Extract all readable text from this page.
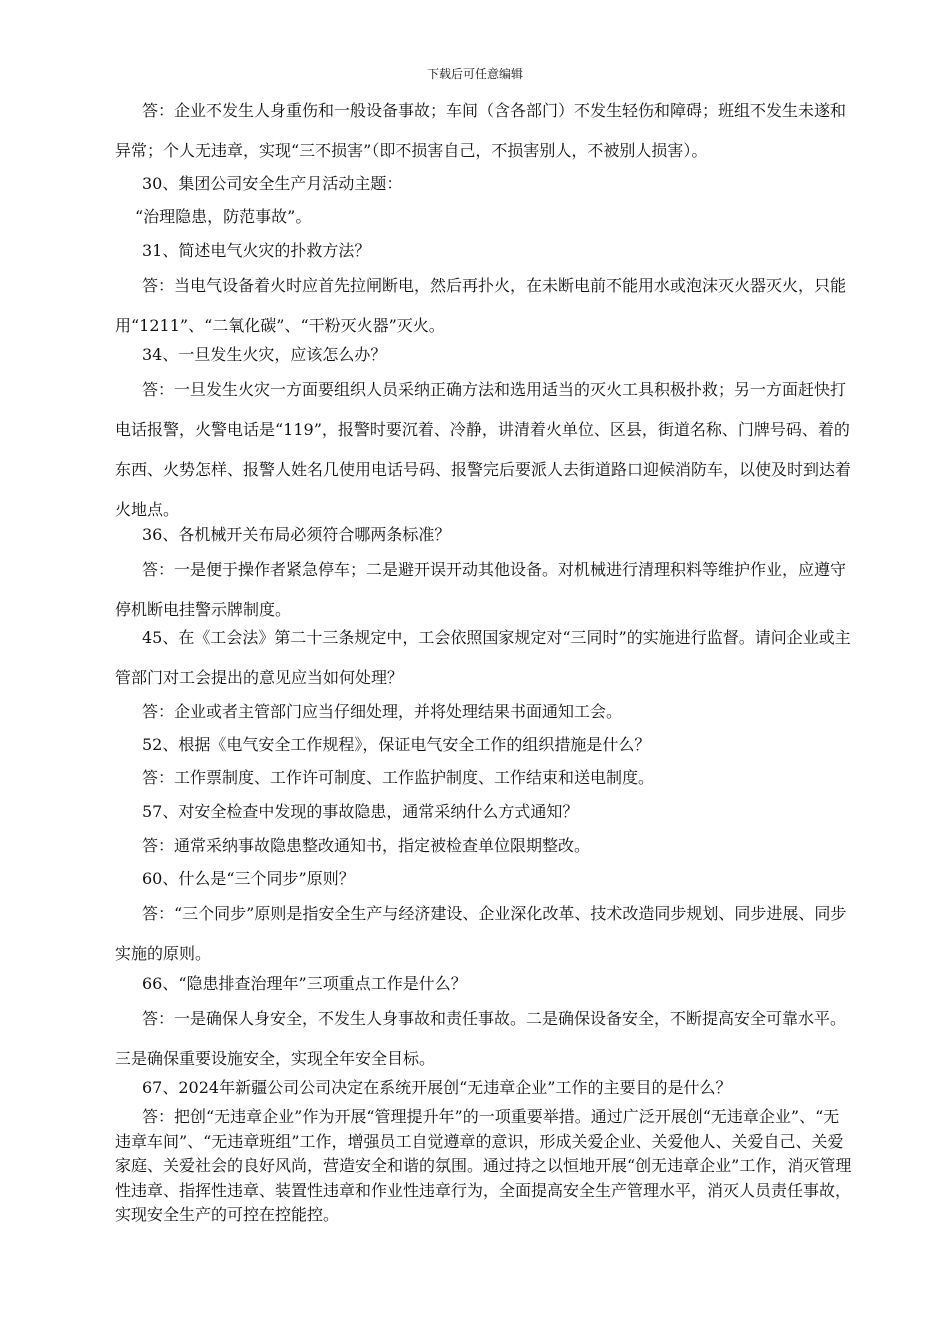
下载后可任意编辑

答：企业不发生人身重伤和一般设备事故；车间（含各部门）不发生轻伤和障碍；班组不发生未遂和异常；个人无违章，实现“三不损害”（即不损害自己，不损害别人，不被别人损害）。

30、集团公司安全生产月活动主题：

“治理隐患，防范事故”。

31、简述电气火灾的扑救方法？

答：当电气设备着火时应首先拉闸断电，然后再扑火，在未断电前不能用水或泡沫灭火器灭火，只能用“1211”、“二氧化碳”、“干粉灭火器”灭火。

34、一旦发生火灾，应该怎么办？

答：一旦发生火灾一方面要组织人员采纳正确方法和选用适当的灭火工具积极扑救；另一方面赶快打电话报警，火警电话是“119”，报警时要沉着、冷静，讲清着火单位、区县，街道名称、门牌号码、着的东西、火势怎样、报警人姓名几使用电话号码、报警完后要派人去街道路口迎候消防车，以使及时到达着火地点。

36、各机械开关布局必须符合哪两条标准？

答：一是便于操作者紧急停车；二是避开误开动其他设备。对机械进行清理积料等维护作业，应遵守停机断电挂警示牌制度。

45、在《工会法》第二十三条规定中，工会依照国家规定对“三同时”的实施进行监督。请问企业或主管部门对工会提出的意见应当如何处理？

答：企业或者主管部门应当仔细处理，并将处理结果书面通知工会。

52、根据《电气安全工作规程》，保证电气安全工作的组织措施是什么？

答：工作票制度、工作许可制度、工作监护制度、工作结束和送电制度。

57、对安全检查中发现的事故隐患，通常采纳什么方式通知？

答：通常采纳事故隐患整改通知书，指定被检查单位限期整改。

60、什么是“三个同步”原则？

答：“三个同步”原则是指安全生产与经济建设、企业深化改革、技术改造同步规划、同步进展、同步实施的原则。

66、“隐患排查治理年”三项重点工作是什么？

答：一是确保人身安全，不发生人身事故和责任事故。二是确保设备安全，不断提高安全可靠水平。三是确保重要设施安全，实现全年安全目标。

67、2024年新疆公司公司决定在系统开展创“无违章企业”工作的主要目的是什么？

答：把创“无违章企业”作为开展“管理提升年”的一项重要举措。通过广泛开展创“无违章企业”、“无违章车间”、“无违章班组”工作，增强员工自觉遵章的意识，形成关爱企业、关爱他人、关爱自己、关爱家庭、关爱社会的良好风尚，营造安全和谐的氛围。通过持之以恒地开展“创无违章企业”工作，消灭管理性违章、指挥性违章、装置性违章和作业性违章行为，全面提高安全生产管理水平，消灭人员责任事故，实现安全生产的可控在控能控。
